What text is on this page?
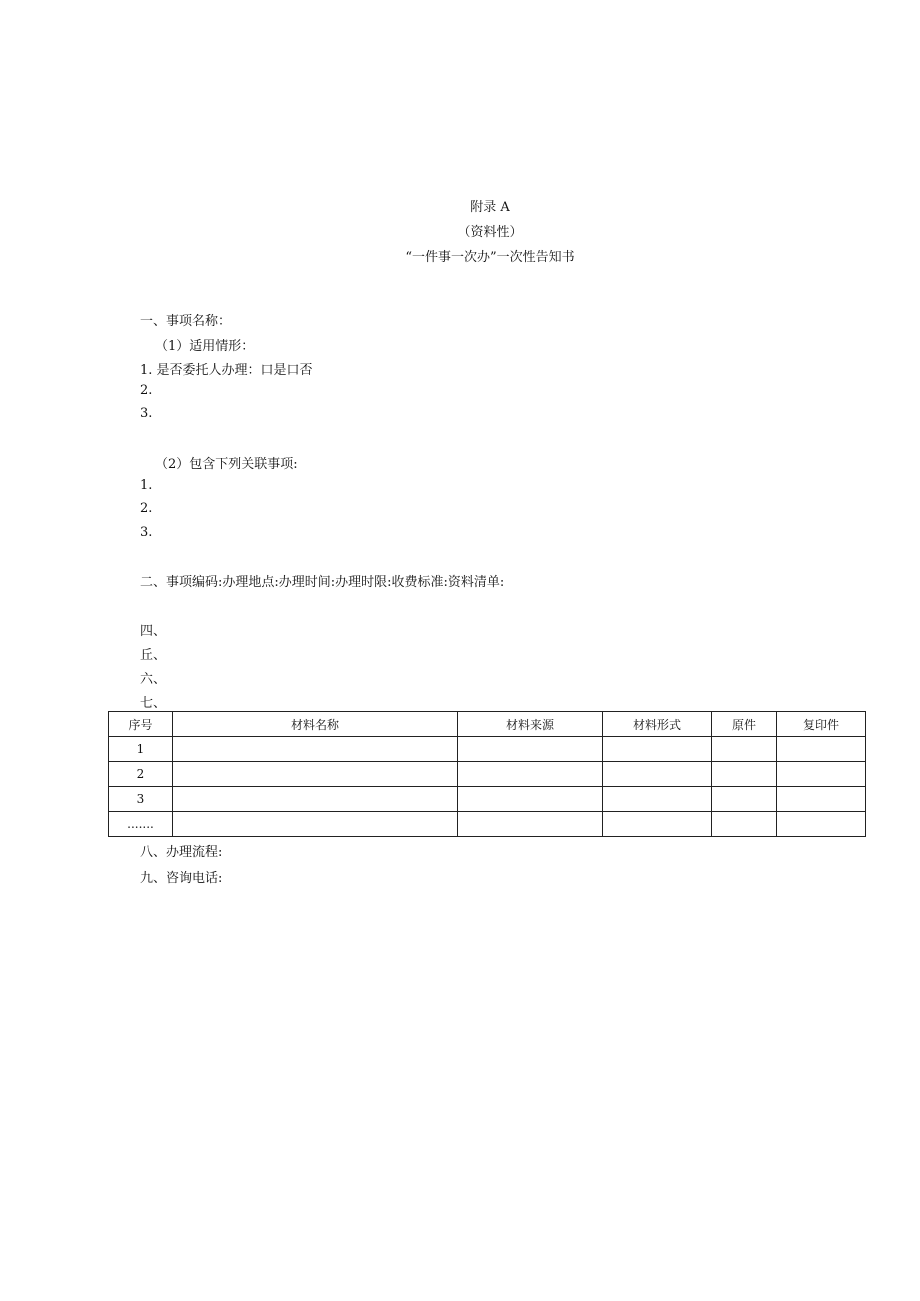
附录 A
（资料性）
“一件事一次办”一次性告知书
一、事项名称：
（1）适用情形：
1. 是否委托人办理：口是口否
2.
3.
（2）包含下列关联事项:
1.
2.
3.
二、事项编码:办理地点:办理时间:办理时限:收费标准:资料清单:
四、
丘、
六、
七、
序号	材料名称	材料来源	材料形式	原件	复印件
1					
2					
3					
.......					
八、办理流程:
九、咨询电话:
